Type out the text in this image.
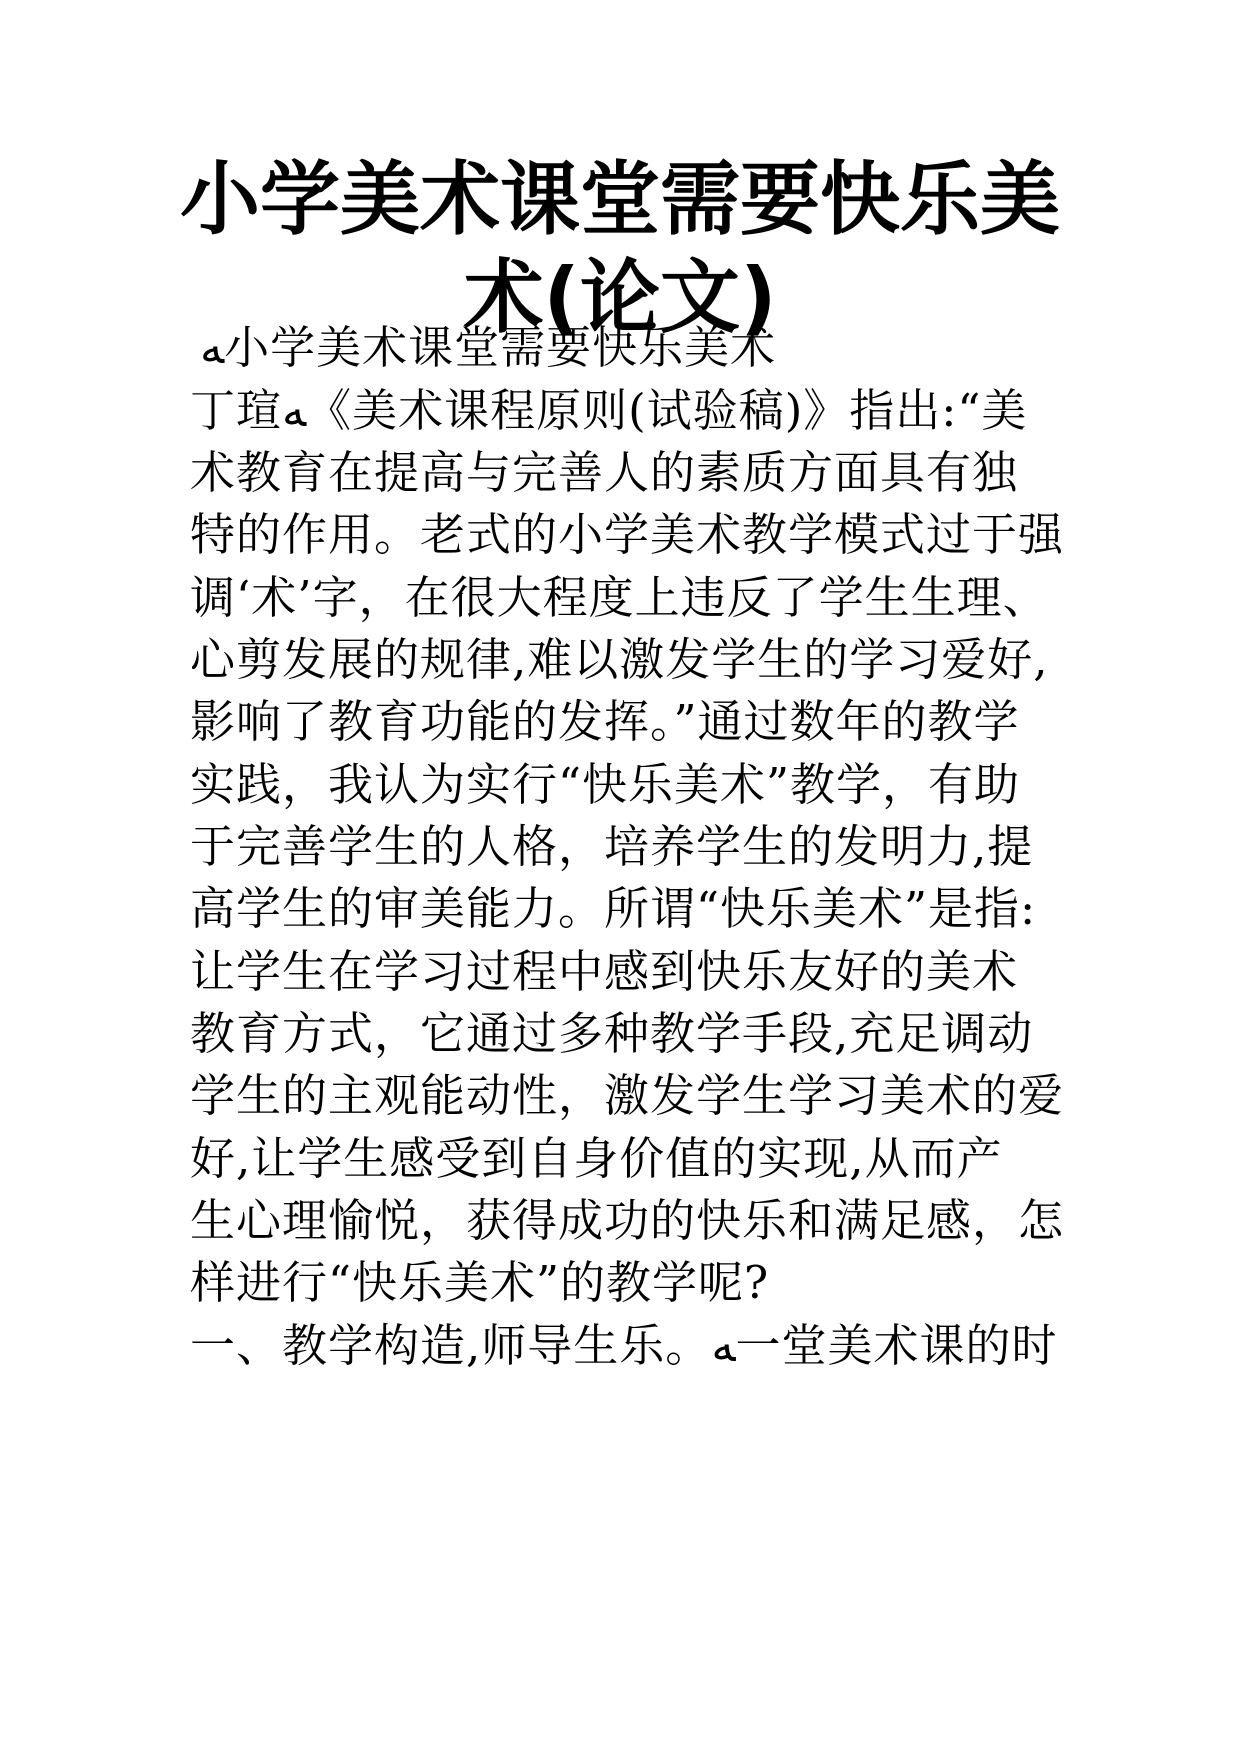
小学美术课堂需要快乐美
术(论文)

ﻪ小学美术课堂需要快乐美术

丁瑄ﻪ《美术课程原则(试验稿)》指出:“美

术教育在提高与完善人的素质方面具有独

特的作用。老式的小学美术教学模式过于强

调‘术’字，在很大程度上违反了学生生理、

心剪发展的规律,难以激发学生的学习爱好,

影响了教育功能的发挥。”通过数年的教学

实践，我认为实行“快乐美术”教学，有助

于完善学生的人格，培养学生的发明力,提

高学生的审美能力。所谓“快乐美术”是指:

让学生在学习过程中感到快乐友好的美术

教育方式，它通过多种教学手段,充足调动

学生的主观能动性，激发学生学习美术的爱

好,让学生感受到自身价值的实现,从而产

生心理愉悦，获得成功的快乐和满足感，怎

样进行“快乐美术”的教学呢?

一、教学构造,师导生乐。ﻪ一堂美术课的时
